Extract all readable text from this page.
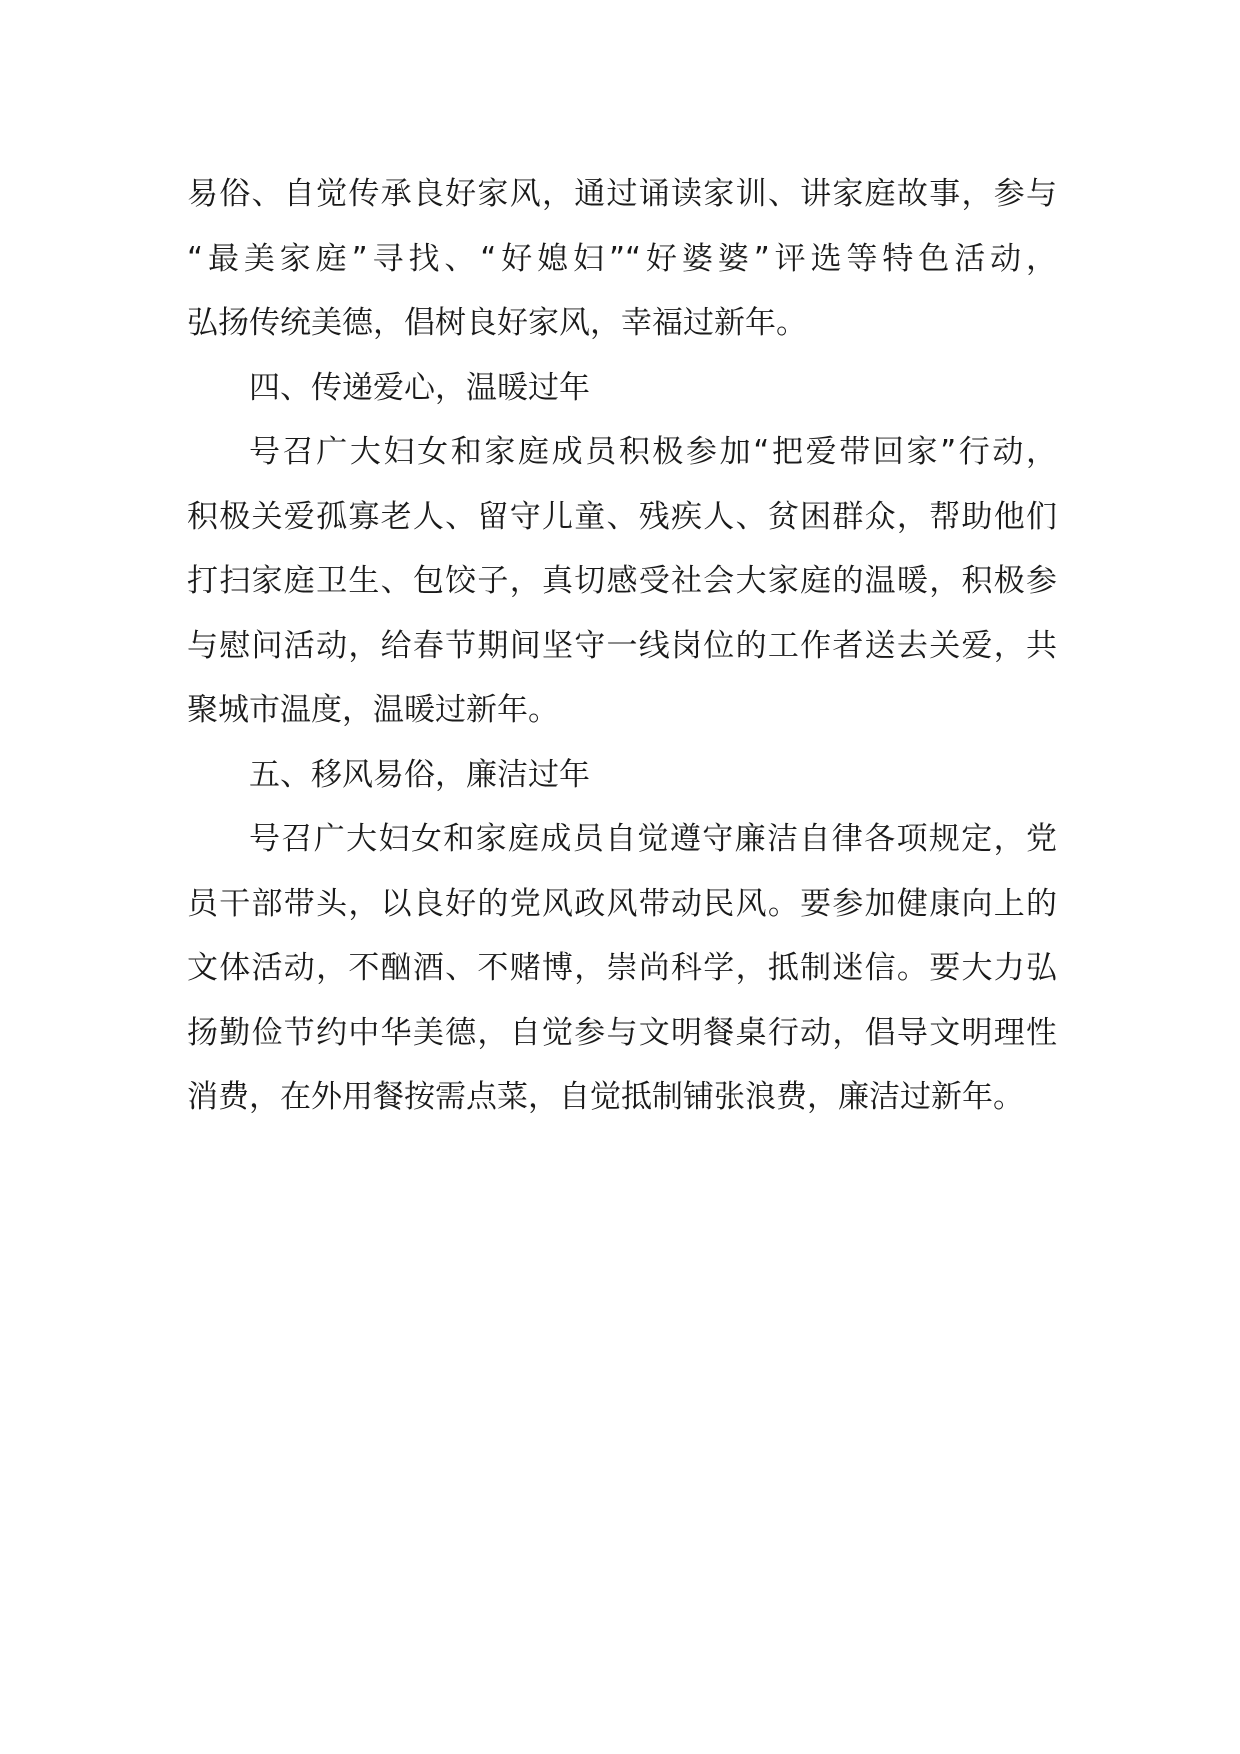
易俗、自觉传承良好家风，通过诵读家训、讲家庭故事，参与
“最美家庭”寻找、“好媳妇”“好婆婆”评选等特色活动，
弘扬传统美德，倡树良好家风，幸福过新年。
四、传递爱心，温暖过年
号召广大妇女和家庭成员积极参加“把爱带回家”行动，
积极关爱孤寡老人、留守儿童、残疾人、贫困群众，帮助他们
打扫家庭卫生、包饺子，真切感受社会大家庭的温暖，积极参
与慰问活动，给春节期间坚守一线岗位的工作者送去关爱，共
聚城市温度，温暖过新年。
五、移风易俗，廉洁过年
号召广大妇女和家庭成员自觉遵守廉洁自律各项规定，党
员干部带头，以良好的党风政风带动民风。要参加健康向上的
文体活动，不酗酒、不赌博，崇尚科学，抵制迷信。要大力弘
扬勤俭节约中华美德，自觉参与文明餐桌行动，倡导文明理性
消费，在外用餐按需点菜，自觉抵制铺张浪费，廉洁过新年。
